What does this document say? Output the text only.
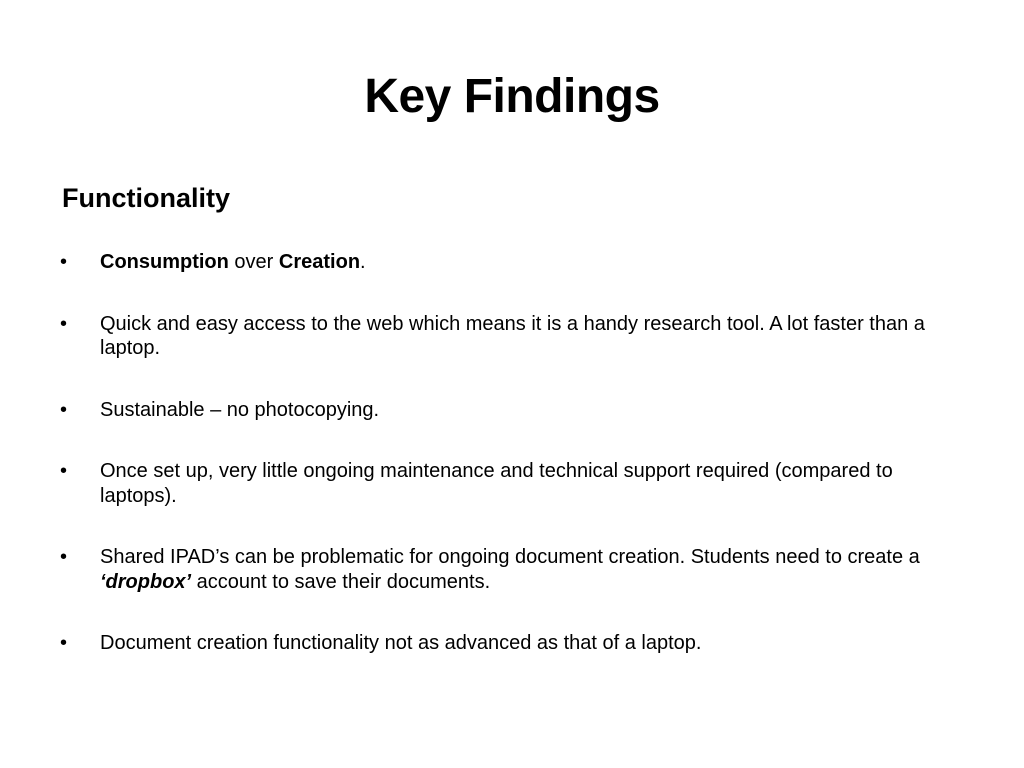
Key Findings
Functionality
• Consumption over Creation.
• Quick and easy access to the web which means it is a handy research tool. A lot faster than a laptop.
• Sustainable – no photocopying.
• Once set up, very little ongoing maintenance and technical support required (compared to laptops).
• Shared IPAD’s can be problematic for ongoing document creation. Students need to create a ‘dropbox’ account to save their documents.
• Document creation functionality not as advanced as that of a laptop.
